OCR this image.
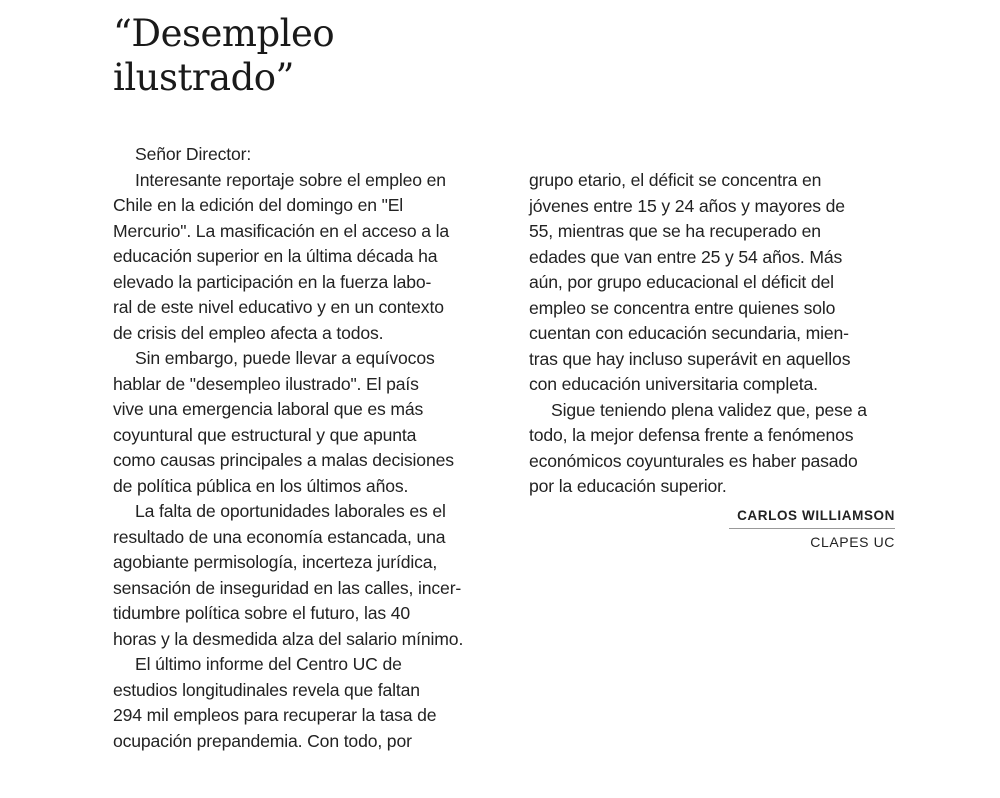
“Desempleo
ilustrado”
Señor Director:
Interesante reportaje sobre el empleo en
Chile en la edición del domingo en "El
Mercurio". La masificación en el acceso a la
educación superior en la última década ha
elevado la participación en la fuerza labo-
ral de este nivel educativo y en un contexto
de crisis del empleo afecta a todos.
Sin embargo, puede llevar a equívocos
hablar de "desempleo ilustrado". El país
vive una emergencia laboral que es más
coyuntural que estructural y que apunta
como causas principales a malas decisiones
de política pública en los últimos años.
La falta de oportunidades laborales es el
resultado de una economía estancada, una
agobiante permisología, incerteza jurídica,
sensación de inseguridad en las calles, incer-
tidumbre política sobre el futuro, las 40
horas y la desmedida alza del salario mínimo.
El último informe del Centro UC de
estudios longitudinales revela que faltan
294 mil empleos para recuperar la tasa de
ocupación prepandemia. Con todo, por
grupo etario, el déficit se concentra en
jóvenes entre 15 y 24 años y mayores de
55, mientras que se ha recuperado en
edades que van entre 25 y 54 años. Más
aún, por grupo educacional el déficit del
empleo se concentra entre quienes solo
cuentan con educación secundaria, mien-
tras que hay incluso superávit en aquellos
con educación universitaria completa.
Sigue teniendo plena validez que, pese a
todo, la mejor defensa frente a fenómenos
económicos coyunturales es haber pasado
por la educación superior.
CARLOS WILLIAMSON
CLAPES UC
